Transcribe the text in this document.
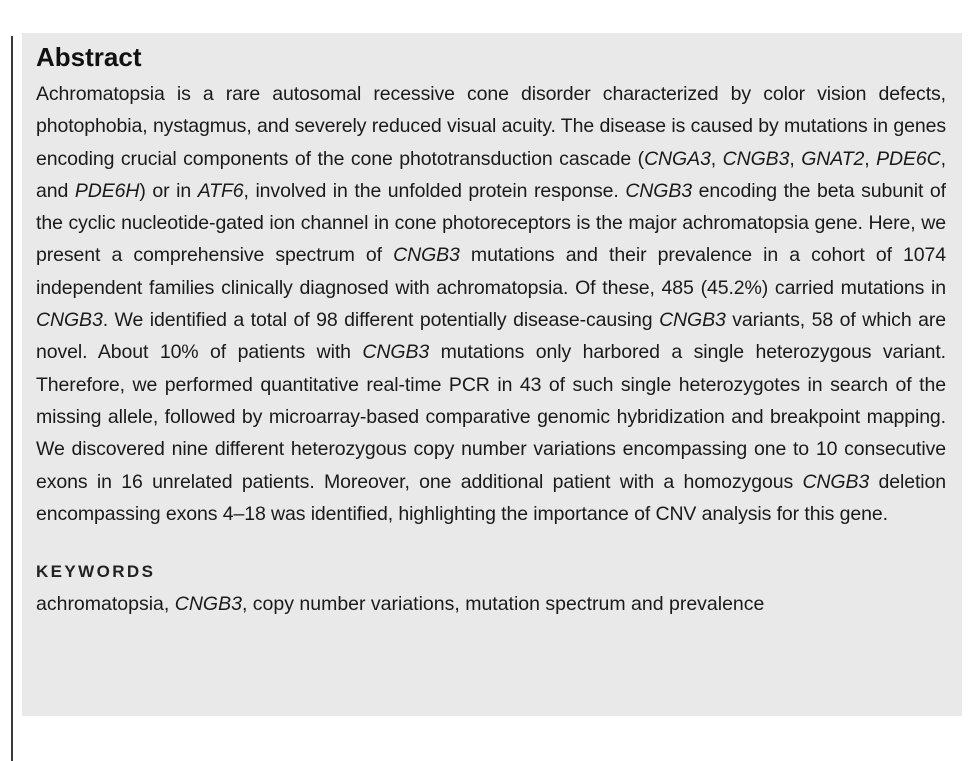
Abstract

Achromatopsia is a rare autosomal recessive cone disorder characterized by color vision defects, photophobia, nystagmus, and severely reduced visual acuity. The disease is caused by mutations in genes encoding crucial components of the cone phototransduction cascade (CNGA3, CNGB3, GNAT2, PDE6C, and PDE6H) or in ATF6, involved in the unfolded protein response. CNGB3 encoding the beta subunit of the cyclic nucleotide-gated ion channel in cone photoreceptors is the major achromatopsia gene. Here, we present a comprehensive spectrum of CNGB3 mutations and their prevalence in a cohort of 1074 independent families clinically diagnosed with achromatopsia. Of these, 485 (45.2%) carried mutations in CNGB3. We identified a total of 98 different potentially disease-causing CNGB3 variants, 58 of which are novel. About 10% of patients with CNGB3 mutations only harbored a single heterozygous variant. Therefore, we performed quantitative real-time PCR in 43 of such single heterozygotes in search of the missing allele, followed by microarray-based comparative genomic hybridization and breakpoint mapping. We discovered nine different heterozygous copy number variations encompassing one to 10 consecutive exons in 16 unrelated patients. Moreover, one additional patient with a homozygous CNGB3 deletion encompassing exons 4–18 was identified, highlighting the importance of CNV analysis for this gene.

KEYWORDS
achromatopsia, CNGB3, copy number variations, mutation spectrum and prevalence
